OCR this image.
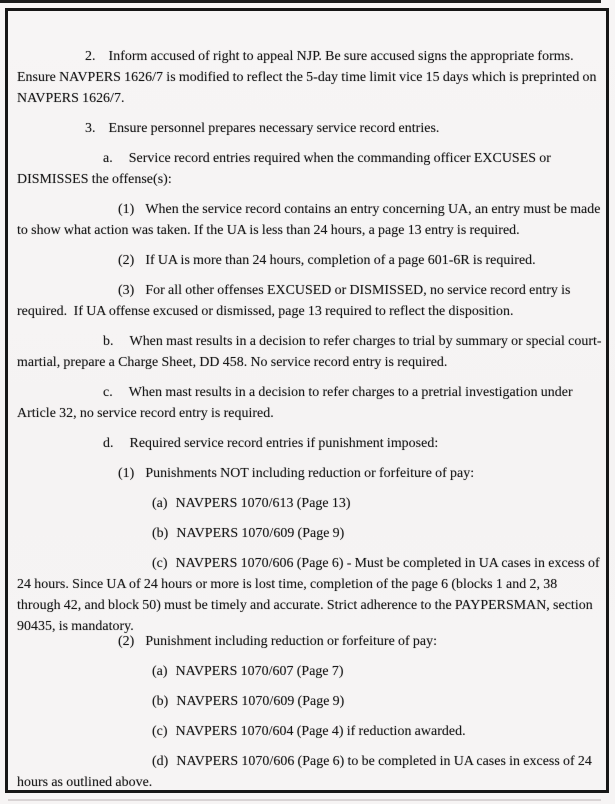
2. Inform accused of right to appeal NJP. Be sure accused signs the appropriate forms. Ensure NAVPERS 1626/7 is modified to reflect the 5-day time limit vice 15 days which is preprinted on NAVPERS 1626/7.

3. Ensure personnel prepares necessary service record entries.

a. Service record entries required when the commanding officer EXCUSES or DISMISSES the offense(s):

(1) When the service record contains an entry concerning UA, an entry must be made to show what action was taken. If the UA is less than 24 hours, a page 13 entry is required.

(2) If UA is more than 24 hours, completion of a page 601-6R is required.

(3) For all other offenses EXCUSED or DISMISSED, no service record entry is required.  If UA offense excused or dismissed, page 13 required to reflect the disposition.

b. When mast results in a decision to refer charges to trial by summary or special court-martial, prepare a Charge Sheet, DD 458. No service record entry is required.

c. When mast results in a decision to refer charges to a pretrial investigation under Article 32, no service record entry is required.

d. Required service record entries if punishment imposed:

(1) Punishments NOT including reduction or forfeiture of pay:

(a) NAVPERS 1070/613 (Page 13)

(b) NAVPERS 1070/609 (Page 9)

(c) NAVPERS 1070/606 (Page 6) - Must be completed in UA cases in excess of 24 hours. Since UA of 24 hours or more is lost time, completion of the page 6 (blocks 1 and 2, 38 through 42, and block 50) must be timely and accurate. Strict adherence to the PAYPERSMAN, section 90435, is mandatory.

(2) Punishment including reduction or forfeiture of pay:

(a) NAVPERS 1070/607 (Page 7)

(b) NAVPERS 1070/609 (Page 9)

(c) NAVPERS 1070/604 (Page 4) if reduction awarded.

(d) NAVPERS 1070/606 (Page 6) to be completed in UA cases in excess of 24 hours as outlined above.
